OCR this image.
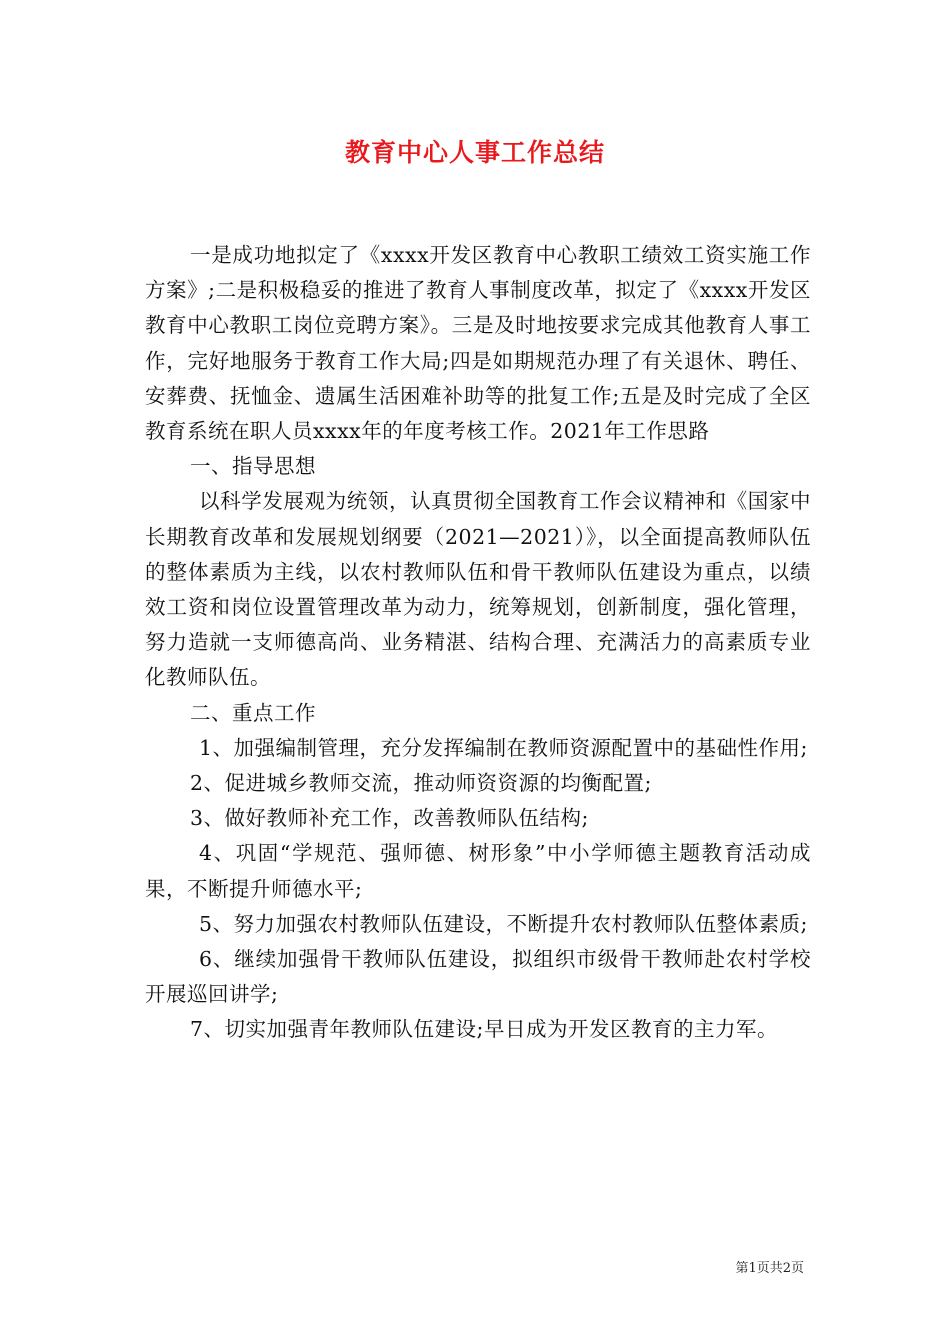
教育中心人事工作总结

一是成功地拟定了《xxxx开发区教育中心教职工绩效工资实施工作方案》;二是积极稳妥的推进了教育人事制度改革，拟定了《xxxx开发区教育中心教职工岗位竞聘方案》。三是及时地按要求完成其他教育人事工作，完好地服务于教育工作大局;四是如期规范办理了有关退休、聘任、安葬费、抚恤金、遗属生活困难补助等的批复工作;五是及时完成了全区教育系统在职人员xxxx年的年度考核工作。2021年工作思路

一、指导思想

以科学发展观为统领，认真贯彻全国教育工作会议精神和《国家中长期教育改革和发展规划纲要（2021—2021）》，以全面提高教师队伍的整体素质为主线，以农村教师队伍和骨干教师队伍建设为重点，以绩效工资和岗位设置管理改革为动力，统筹规划，创新制度，强化管理，努力造就一支师德高尚、业务精湛、结构合理、充满活力的高素质专业化教师队伍。

二、重点工作

1、加强编制管理，充分发挥编制在教师资源配置中的基础性作用;

2、促进城乡教师交流，推动师资资源的均衡配置;

3、做好教师补充工作，改善教师队伍结构;

4、巩固“学规范、强师德、树形象”中小学师德主题教育活动成果，不断提升师德水平;

5、努力加强农村教师队伍建设，不断提升农村教师队伍整体素质;

6、继续加强骨干教师队伍建设，拟组织市级骨干教师赴农村学校开展巡回讲学;

7、切实加强青年教师队伍建设;早日成为开发区教育的主力军。

第1页共2页
